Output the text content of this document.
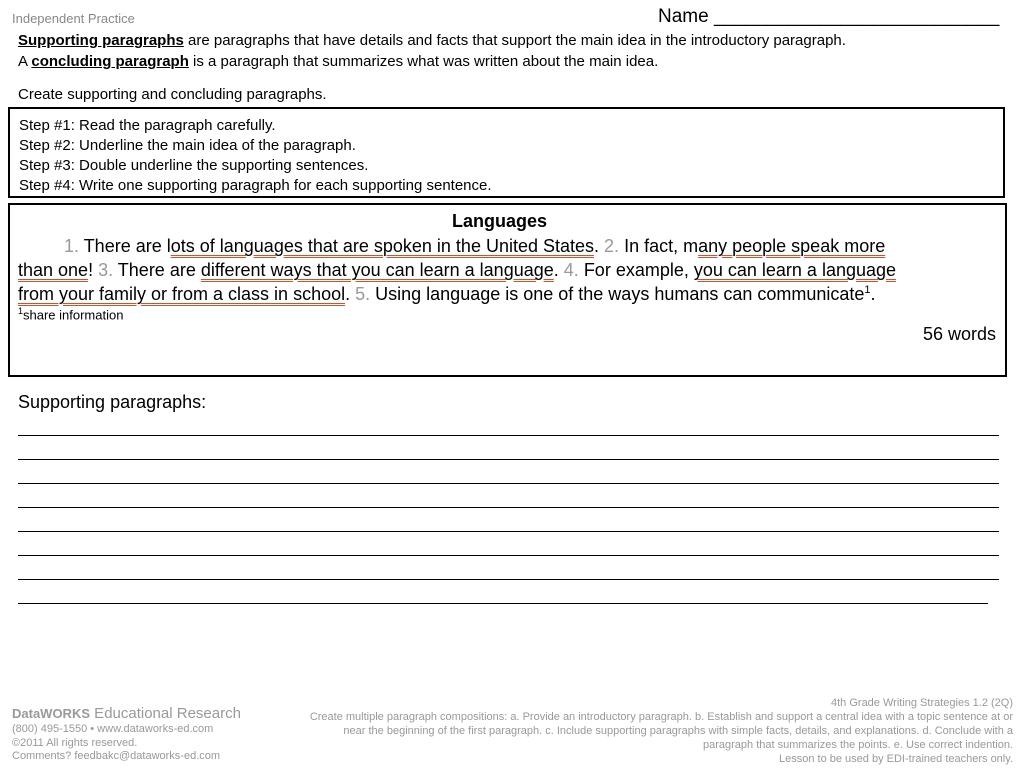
Independent Practice	Name ___________________________
Supporting paragraphs are paragraphs that have details and facts that support the main idea in the introductory paragraph.
A concluding paragraph is a paragraph that summarizes what was written about the main idea.
Create supporting and concluding paragraphs.
Step #1: Read the paragraph carefully.
Step #2: Underline the main idea of the paragraph.
Step #3: Double underline the supporting sentences.
Step #4: Write one supporting paragraph for each supporting sentence.
Languages
1. There are lots of languages that are spoken in the United States. 2. In fact, many people speak more
than one! 3. There are different ways that you can learn a language. 4. For example, you can learn a language
from your family or from a class in school. 5. Using language is one of the ways humans can communicate$^1$.
$^1$share information
56 words
Supporting paragraphs:
DataWORKS Educational Research
(800) 495-1550 • www.dataworks-ed.com
©2011 All rights reserved.
Comments? feedbakc@dataworks-ed.com
4th Grade Writing Strategies 1.2 (2Q)
Create multiple paragraph compositions: a. Provide an introductory paragraph. b. Establish and support a central idea with a topic sentence at or near the beginning of the first paragraph. c. Include supporting paragraphs with simple facts, details, and explanations. d. Conclude with a paragraph that summarizes the points. e. Use correct indention.
Lesson to be used by EDI-trained teachers only.
